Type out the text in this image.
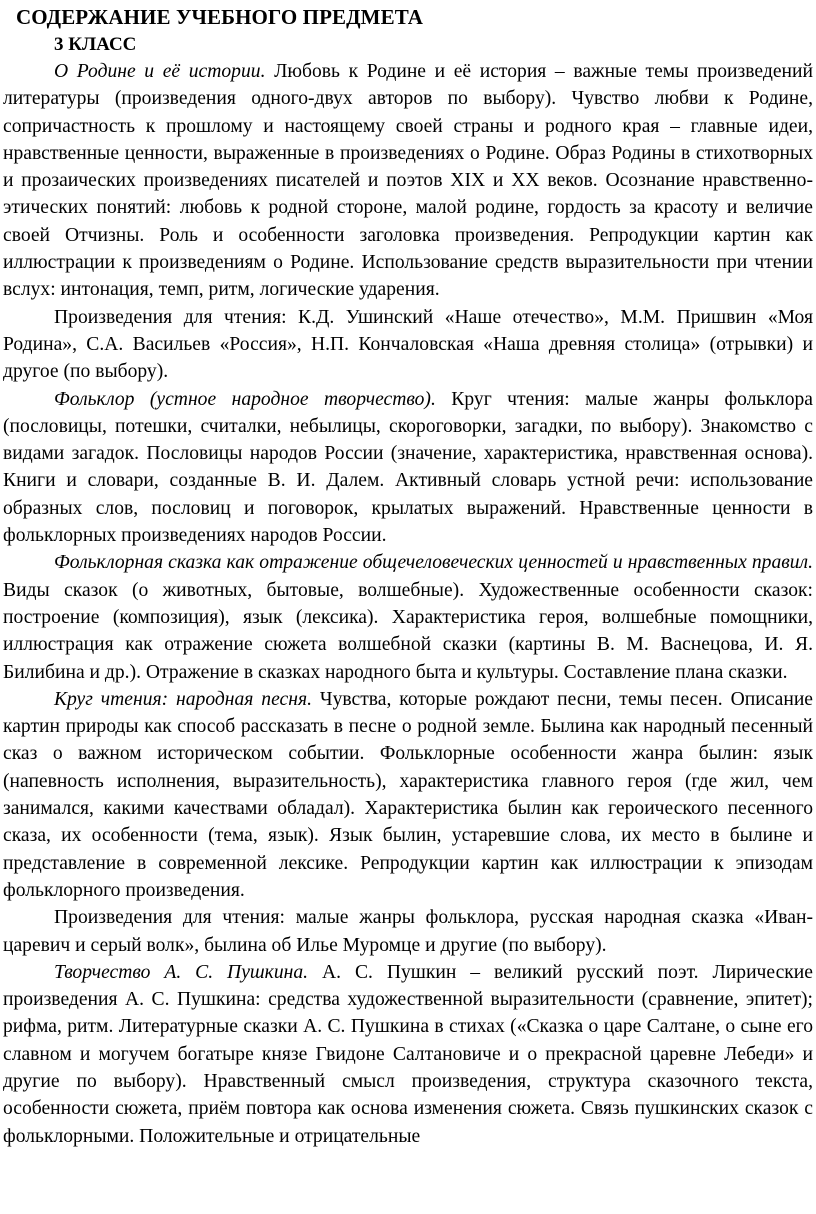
СОДЕРЖАНИЕ УЧЕБНОГО ПРЕДМЕТА
3 КЛАСС

О Родине и её истории. Любовь к Родине и её история – важные темы произведений литературы (произведения одного-двух авторов по выбору). Чувство любви к Родине, сопричастность к прошлому и настоящему своей страны и родного края – главные идеи, нравственные ценности, выраженные в произведениях о Родине. Образ Родины в стихотворных и прозаических произведениях писателей и поэтов XIX и XX веков. Осознание нравственно-этических понятий: любовь к родной стороне, малой родине, гордость за красоту и величие своей Отчизны. Роль и особенности заголовка произведения. Репродукции картин как иллюстрации к произведениям о Родине. Использование средств выразительности при чтении вслух: интонация, темп, ритм, логические ударения.

Произведения для чтения: К.Д. Ушинский «Наше отечество», М.М. Пришвин «Моя Родина», С.А. Васильев «Россия», Н.П. Кончаловская «Наша древняя столица» (отрывки) и другое (по выбору).

Фольклор (устное народное творчество). Круг чтения: малые жанры фольклора (пословицы, потешки, считалки, небылицы, скороговорки, загадки, по выбору). Знакомство с видами загадок. Пословицы народов России (значение, характеристика, нравственная основа). Книги и словари, созданные В. И. Далем. Активный словарь устной речи: использование образных слов, пословиц и поговорок, крылатых выражений. Нравственные ценности в фольклорных произведениях народов России.

Фольклорная сказка как отражение общечеловеческих ценностей и нравственных правил. Виды сказок (о животных, бытовые, волшебные). Художественные особенности сказок: построение (композиция), язык (лексика). Характеристика героя, волшебные помощники, иллюстрация как отражение сюжета волшебной сказки (картины В. М. Васнецова, И. Я. Билибина и др.). Отражение в сказках народного быта и культуры. Составление плана сказки.

Круг чтения: народная песня. Чувства, которые рождают песни, темы песен. Описание картин природы как способ рассказать в песне о родной земле. Былина как народный песенный сказ о важном историческом событии. Фольклорные особенности жанра былин: язык (напевность исполнения, выразительность), характеристика главного героя (где жил, чем занимался, какими качествами обладал). Характеристика былин как героического песенного сказа, их особенности (тема, язык). Язык былин, устаревшие слова, их место в былине и представление в современной лексике. Репродукции картин как иллюстрации к эпизодам фольклорного произведения.

Произведения для чтения: малые жанры фольклора, русская народная сказка «Иван-царевич и серый волк», былина об Илье Муромце и другие (по выбору).

Творчество А. С. Пушкина. А. С. Пушкин – великий русский поэт. Лирические произведения А. С. Пушкина: средства художественной выразительности (сравнение, эпитет); рифма, ритм. Литературные сказки А. С. Пушкина в стихах («Сказка о царе Салтане, о сыне его славном и могучем богатыре князе Гвидоне Салтановиче и о прекрасной царевне Лебеди» и другие по выбору). Нравственный смысл произведения, структура сказочного текста, особенности сюжета, приём повтора как основа изменения сюжета. Связь пушкинских сказок с фольклорными. Положительные и отрицательные
